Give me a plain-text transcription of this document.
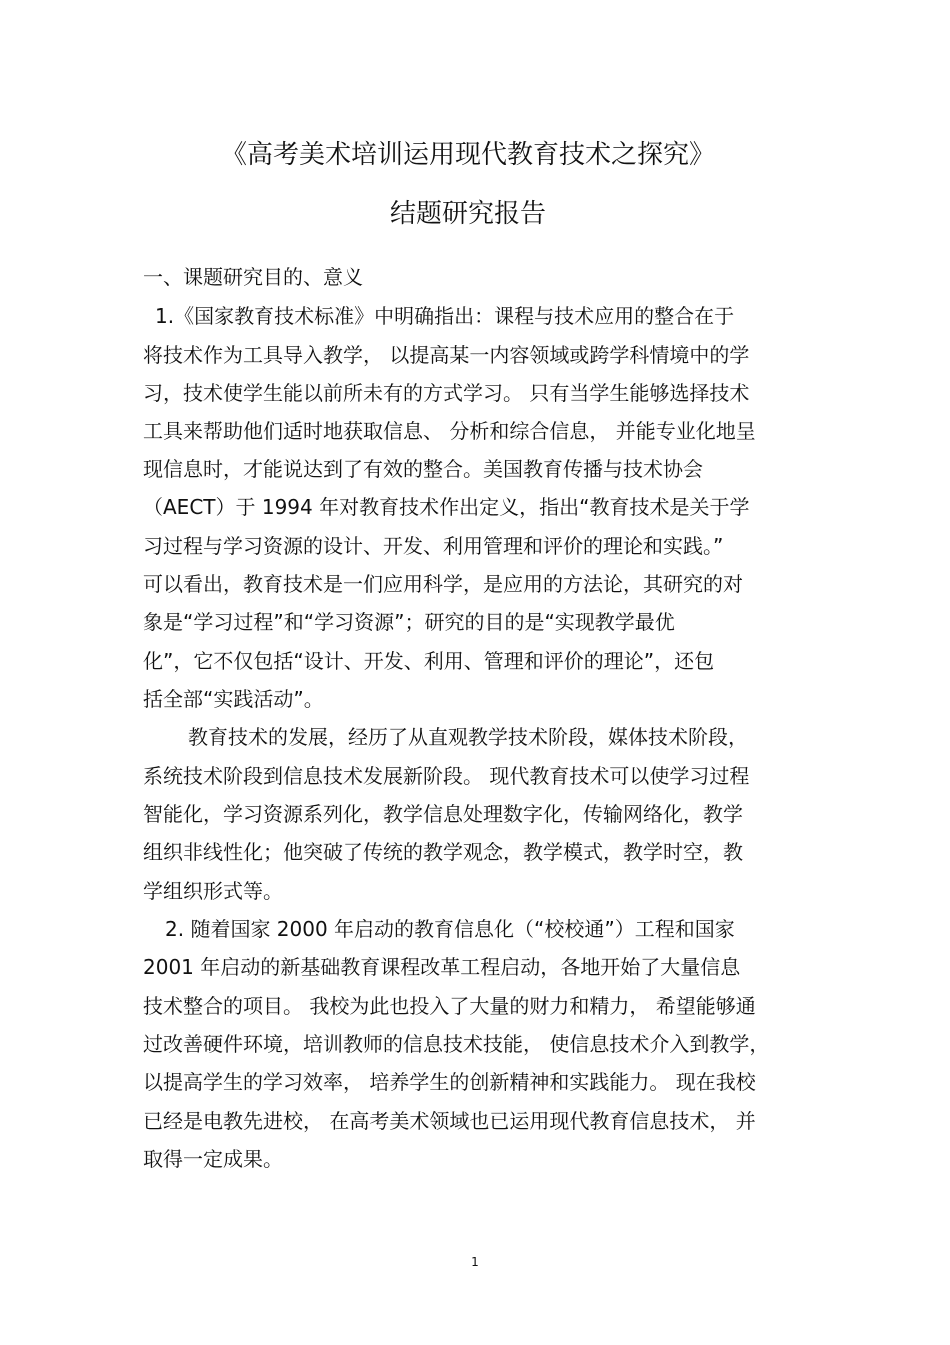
《高考美术培训运用现代教育技术之探究》
结题研究报告
一、课题研究目的、意义
1.《国家教育技术标准》中明确指出：课程与技术应用的整合在于
将技术作为工具导入教学， 以提高某一内容领域或跨学科情境中的学
习，技术使学生能以前所未有的方式学习。 只有当学生能够选择技术
工具来帮助他们适时地获取信息、 分析和综合信息， 并能专业化地呈
现信息时，才能说达到了有效的整合。美国教育传播与技术协会
（AECT）于 1994 年对教育技术作出定义，指出“教育技术是关于学
习过程与学习资源的设计、开发、利用管理和评价的理论和实践。”
可以看出，教育技术是一们应用科学，是应用的方法论，其研究的对
象是“学习过程”和“学习资源”；研究的目的是“实现教学最优
化”，它不仅包括“设计、开发、利用、管理和评价的理论”，还包
括全部“实践活动”。
教育技术的发展，经历了从直观教学技术阶段，媒体技术阶段，
系统技术阶段到信息技术发展新阶段。 现代教育技术可以使学习过程
智能化，学习资源系列化，教学信息处理数字化，传输网络化，教学
组织非线性化；他突破了传统的教学观念，教学模式，教学时空，教
学组织形式等。
2. 随着国家 2000 年启动的教育信息化（“校校通”）工程和国家
2001 年启动的新基础教育课程改革工程启动，各地开始了大量信息
技术整合的项目。 我校为此也投入了大量的财力和精力， 希望能够通
过改善硬件环境，培训教师的信息技术技能， 使信息技术介入到教学，
以提高学生的学习效率， 培养学生的创新精神和实践能力。 现在我校
已经是电教先进校， 在高考美术领域也已运用现代教育信息技术， 并
取得一定成果。
1
